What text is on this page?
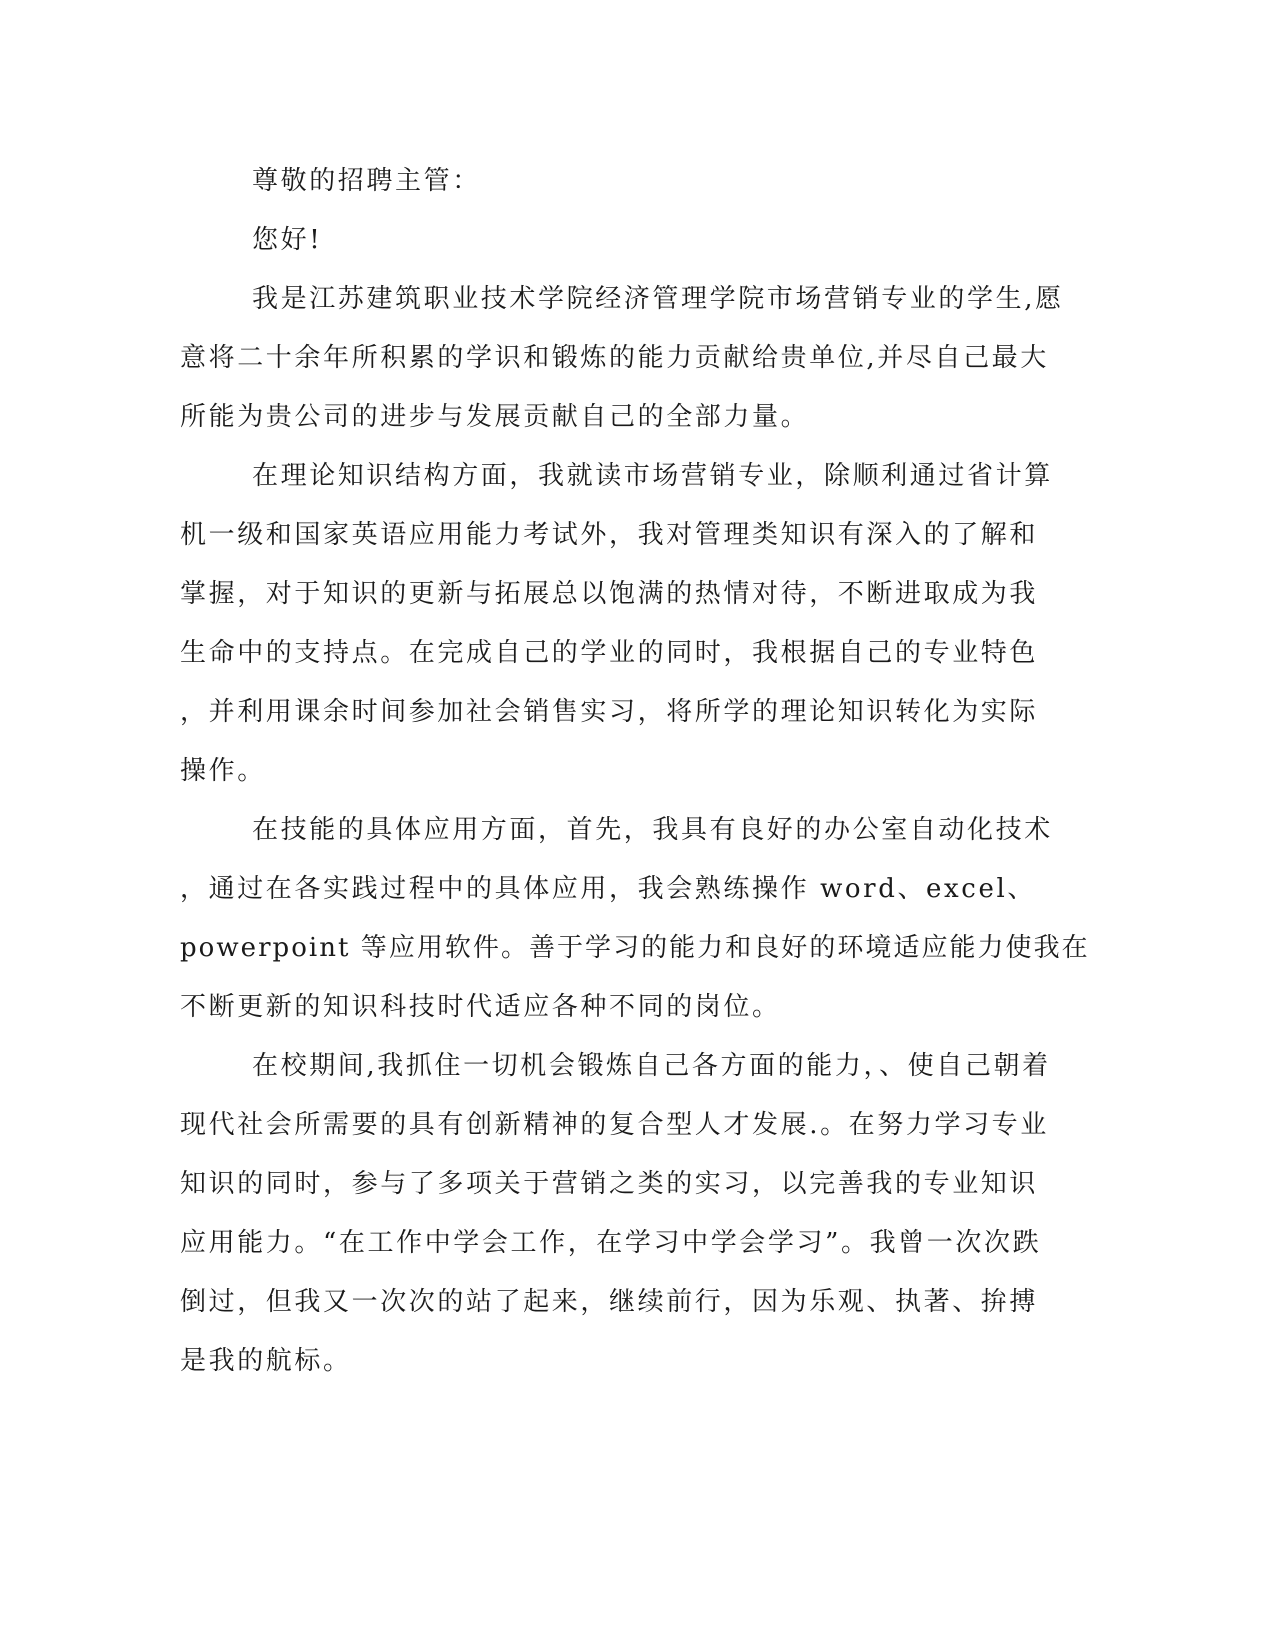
尊敬的招聘主管：
您好!
我是江苏建筑职业技术学院经济管理学院市场营销专业的学生,愿
意将二十余年所积累的学识和锻炼的能力贡献给贵单位,并尽自己最大
所能为贵公司的进步与发展贡献自己的全部力量。
在理论知识结构方面，我就读市场营销专业，除顺利通过省计算
机一级和国家英语应用能力考试外，我对管理类知识有深入的了解和
掌握，对于知识的更新与拓展总以饱满的热情对待，不断进取成为我
生命中的支持点。在完成自己的学业的同时，我根据自己的专业特色
，并利用课余时间参加社会销售实习，将所学的理论知识转化为实际
操作。
在技能的具体应用方面，首先，我具有良好的办公室自动化技术
，通过在各实践过程中的具体应用，我会熟练操作 word、excel、
powerpoint 等应用软件。善于学习的能力和良好的环境适应能力使我在
不断更新的知识科技时代适应各种不同的岗位。
在校期间,我抓住一切机会锻炼自己各方面的能力，、使自己朝着
现代社会所需要的具有创新精神的复合型人才发展.。在努力学习专业
知识的同时，参与了多项关于营销之类的实习，以完善我的专业知识
应用能力。“在工作中学会工作，在学习中学会学习”。我曾一次次跌
倒过，但我又一次次的站了起来，继续前行，因为乐观、执著、拚搏
是我的航标。
